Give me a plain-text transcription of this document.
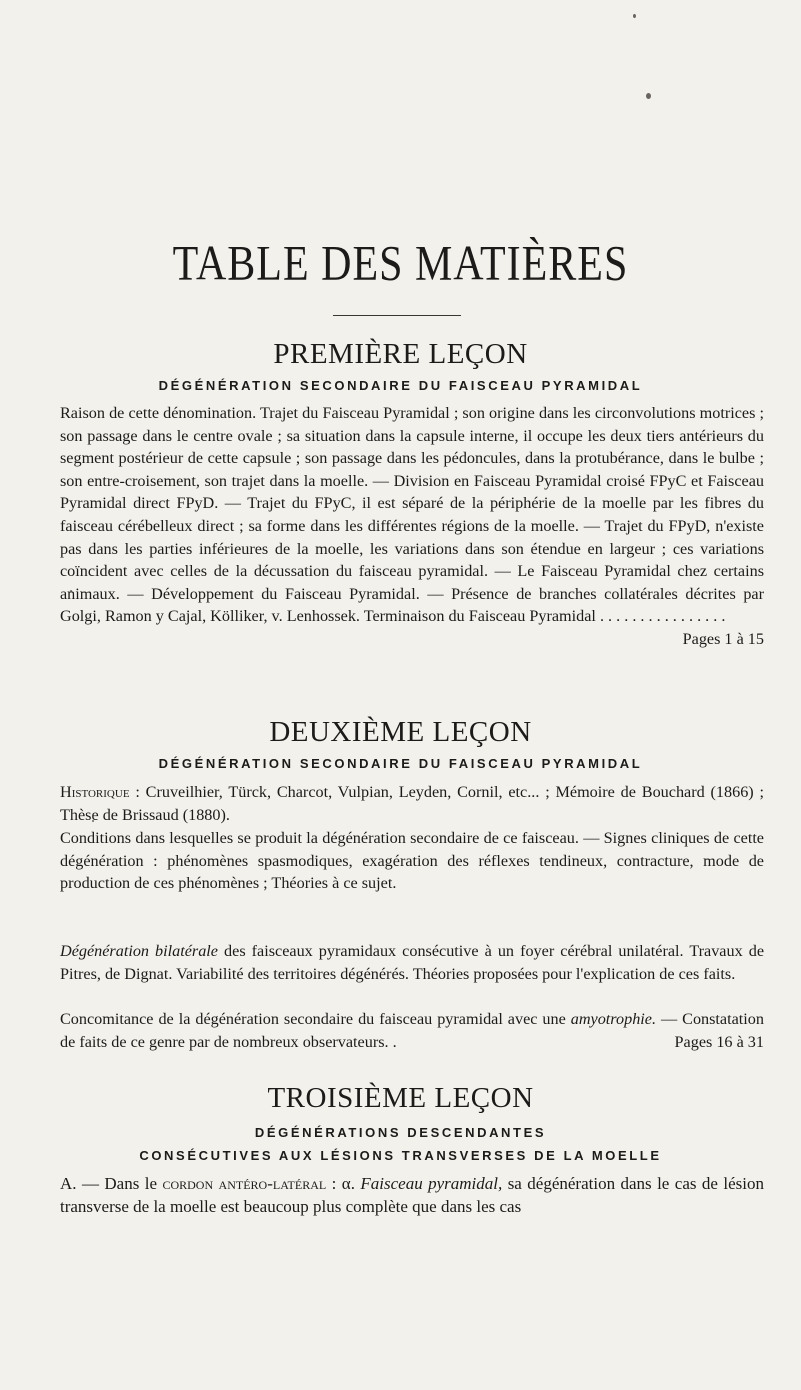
TABLE DES MATIÈRES
PREMIÈRE LEÇON
DÉGÉNÉRATION SECONDAIRE DU FAISCEAU PYRAMIDAL
Raison de cette dénomination. Trajet du Faisceau Pyramidal ; son origine dans les circonvolutions motrices ; son passage dans le centre ovale ; sa situation dans la capsule interne, il occupe les deux tiers antérieurs du segment postérieur de cette capsule ; son passage dans les pédoncules, dans la protubérance, dans le bulbe ; son entre-croisement, son trajet dans la moelle. — Division en Faisceau Pyramidal croisé FPyC et Faisceau Pyramidal direct FPyD. — Trajet du FPyC, il est séparé de la périphérie de la moelle par les fibres du faisceau cérébelleux direct ; sa forme dans les différentes régions de la moelle. — Trajet du FPyD, n'existe pas dans les parties inférieures de la moelle, les variations dans son étendue en largeur ; ces variations coïncident avec celles de la décussation du faisceau pyramidal. — Le Faisceau Pyramidal chez certains animaux. — Développement du Faisceau Pyramidal. — Présence de branches collatérales décrites par Golgi, Ramon y Cajal, Kölliker, v. Lenhossek. Terminaison du Faisceau Pyramidal . . . . . . . . . . . . . . . .
Pages 1 à 15
DEUXIÈME LEÇON
DÉGÉNÉRATION SECONDAIRE DU FAISCEAU PYRAMIDAL
Historique : Cruveilhier, Türck, Charcot, Vulpian, Leyden, Cornil, etc... ; Mémoire de Bouchard (1866) ; Thèse de Brissaud (1880).
Conditions dans lesquelles se produit la dégénération secondaire de ce faisceau. — Signes cliniques de cette dégénération : phénomènes spasmodiques, exagération des réflexes tendineux, contracture, mode de production de ces phénomènes ; Théories à ce sujet.
Dégénération bilatérale des faisceaux pyramidaux consécutive à un foyer cérébral unilatéral. Travaux de Pitres, de Dignat. Variabilité des territoires dégénérés. Théories proposées pour l'explication de ces faits.
Concomitance de la dégénération secondaire du faisceau pyramidal avec une amyotrophie. — Constatation de faits de ce genre par de nombreux observateurs. .	Pages 16 à 31
TROISIÈME LEÇON
DÉGÉNÉRATIONS DESCENDANTES
CONSÉCUTIVES AUX LÉSIONS TRANSVERSES DE LA MOELLE
A. — Dans le cordon antéro-latéral : α. Faisceau pyramidal, sa dégénération dans le cas de lésion transverse de la moelle est beaucoup plus complète que dans les cas
